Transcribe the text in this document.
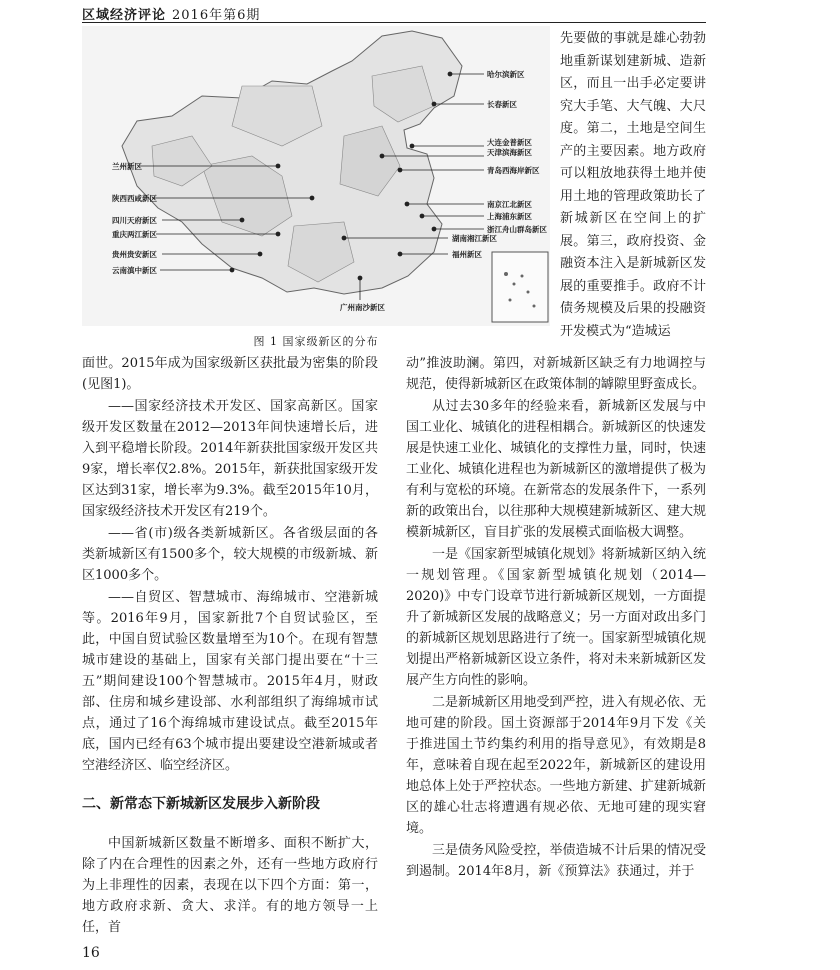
区域经济评论 2016年第6期
哈尔滨新区
长春新区
大连金普新区
天津滨海新区
青岛西海岸新区
兰州新区
陕西西咸新区
南京江北新区
上海浦东新区
浙江舟山群岛新区
四川天府新区
重庆两江新区	湖南湘江新区
贵州贵安新区	福州新区
云南滇中新区
广州南沙新区
图 1 国家级新区的分布
先要做的事就是雄心勃勃地重新谋划建新城、造新区，而且一出手必定要讲究大手笔、大气魄、大尺度。第二，土地是空间生产的主要因素。地方政府可以粗放地获得土地并使用土地的管理政策助长了新城新区在空间上的扩展。第三，政府投资、金融资本注入是新城新区发展的重要推手。政府不计债务规模及后果的投融资开发模式为“造城运

面世。2015年成为国家级新区获批最为密集的阶段(见图1)。

——国家经济技术开发区、国家高新区。国家级开发区数量在2012—2013年间快速增长后，进入到平稳增长阶段。2014年新获批国家级开发区共9家，增长率仅2.8%。2015年，新获批国家级开发区达到31家，增长率为9.3%。截至2015年10月，国家级经济技术开发区有219个。

——省(市)级各类新城新区。各省级层面的各类新城新区有1500多个，较大规模的市级新城、新区1000多个。

——自贸区、智慧城市、海绵城市、空港新城等。2016年9月，国家新批7个自贸试验区，至此，中国自贸试验区数量增至为10个。在现有智慧城市建设的基础上，国家有关部门提出要在“十三五”期间建设100个智慧城市。2015年4月，财政部、住房和城乡建设部、水利部组织了海绵城市试点，通过了16个海绵城市建设试点。截至2015年底，国内已经有63个城市提出要建设空港新城或者空港经济区、临空经济区。

二、新常态下新城新区发展步入新阶段

中国新城新区数量不断增多、面积不断扩大，除了内在合理性的因素之外，还有一些地方政府行为上非理性的因素，表现在以下四个方面：第一，地方政府求新、贪大、求洋。有的地方领导一上任，首

动”推波助澜。第四，对新城新区缺乏有力地调控与规范，使得新城新区在政策体制的罅隙里野蛮成长。

从过去30多年的经验来看，新城新区发展与中国工业化、城镇化的进程相耦合。新城新区的快速发展是快速工业化、城镇化的支撑性力量，同时，快速工业化、城镇化进程也为新城新区的激增提供了极为有利与宽松的环境。在新常态的发展条件下，一系列新的政策出台，以往那种大规模建新城新区、建大规模新城新区，盲目扩张的发展模式面临极大调整。

一是《国家新型城镇化规划》将新城新区纳入统一规划管理。《国家新型城镇化规划（2014—2020)》中专门设章节进行新城新区规划，一方面提升了新城新区发展的战略意义；另一方面对政出多门的新城新区规划思路进行了统一。国家新型城镇化规划提出严格新城新区设立条件，将对未来新城新区发展产生方向性的影响。

二是新城新区用地受到严控，进入有规必依、无地可建的阶段。国土资源部于2014年9月下发《关于推进国土节约集约利用的指导意见》，有效期是8年，意味着自现在起至2022年，新城新区的建设用地总体上处于严控状态。一些地方新建、扩建新城新区的雄心壮志将遭遇有规必依、无地可建的现实窘境。

三是债务风险受控，举债造城不计后果的情况受到遏制。2014年8月，新《预算法》获通过，并于

16
